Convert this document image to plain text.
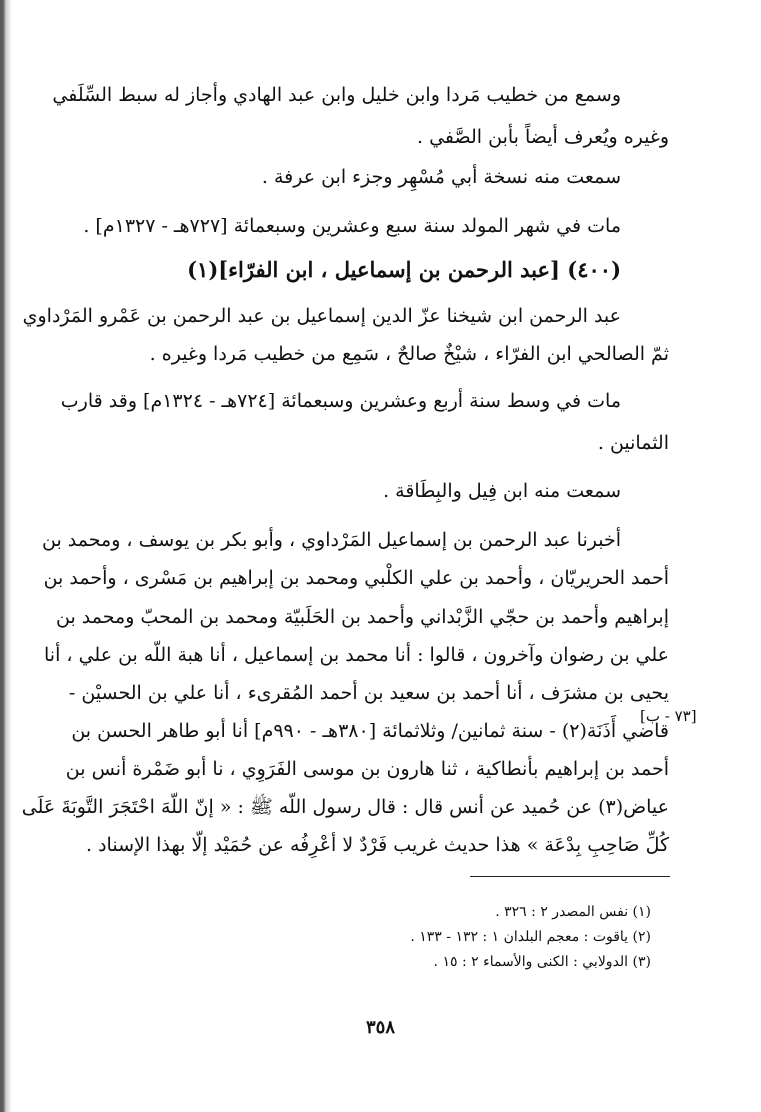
وسمع من خطيب مَردا وابن خليل وابن عبد الهادي وأجاز له سبط السِّلَفي
وغيره ويُعرف أيضاً بأبن الصَّفي .
سمعت منه نسخة أبي مُسْهِر وجزء ابن عرفة .
مات في شهر المولد سنة سبع وعشرين وسبعمائة [٧٢٧هـ - ١٣٢٧م] .
(٤٠٠) [عبد الرحمن بن إسماعيل ، ابن الفرّاء](١)
عبد الرحمن ابن شيخنا عزّ الدين إسماعيل بن عبد الرحمن بن عَمْرو المَرْداوي
ثمّ الصالحي ابن الفرّاء ، شيْخٌ صالحٌ ، سَمِع من خطيب مَردا وغيره .
مات في وسط سنة أربع وعشرين وسبعمائة [٧٢٤هـ - ١٣٢٤م] وقد قارب
الثمانين .
سمعت منه ابن فِيل والبِطَاقة .
أخبرنا عبد الرحمن بن إسماعيل المَرْداوي ، وأبو بكر بن يوسف ، ومحمد بن
أحمد الحريريّان ، وأحمد بن علي الكلْبي ومحمد بن إبراهيم بن مَسْرى ، وأحمد بن
إبراهيم وأحمد بن حجّي الزَّبْداني وأحمد بن الحَلَبيّة ومحمد بن المحبّ ومحمد بن
علي بن رضوان وآخرون ، قالوا : أنا محمد بن إسماعيل ، أنا هبة اللّه بن علي ، أنا
يحيى بن مشرَف ، أنا أحمد بن سعيد بن أحمد المُقرىء ، أنا علي بن الحسيْن -
قاضي أَذَنَة(٢) - سنة ثمانين/ وثلاثمائة [٣٨٠هـ - ٩٩٠م] أنا أبو طاهر الحسن بن
أحمد بن إبراهيم بأنطاكية ، ثنا هارون بن موسى الفَرَوِي ، نا أبو ضَمْرة أنس بن
عياض(٣) عن حُميد عن أنس قال : قال رسول اللّه ﷺ : « إنّ اللّهَ احْتَجَرَ التَّوبَةَ عَلَى
كُلِّ صَاحِبِ بِدْعَة » هذا حديث غريب فَرْدٌ لا أعْرِفُه عن حُمَيْد إلّا بهذا الإسناد .
[٧٣ - ب]
(١) نفس المصدر ٢ : ٣٢٦ .
(٢) ياقوت : معجم البلدان ١ : ١٣٢ - ١٣٣ .
(٣) الدولابي : الكنى والأسماء ٢ : ١٥ .
٣٥٨
